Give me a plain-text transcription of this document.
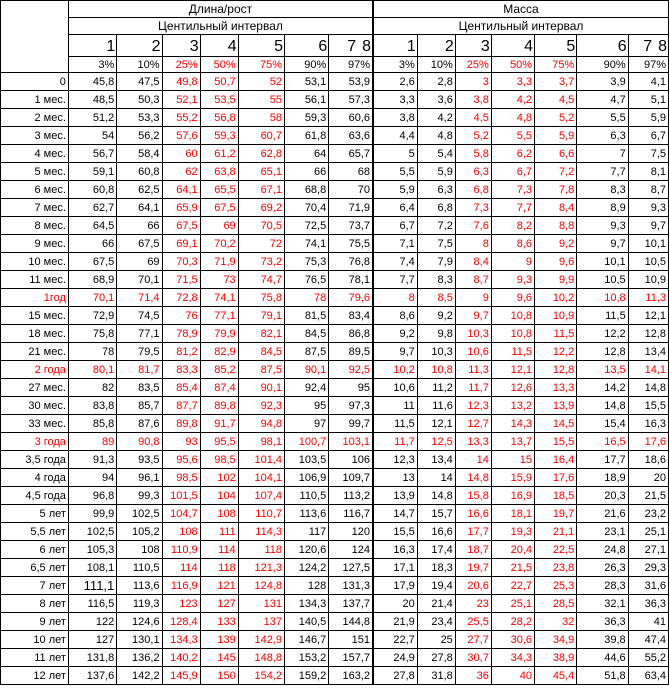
	Длина/рост							Масса						
	Центильный интервал							Центильный интервал						
	1	2	3	4	5	6	7 8	1	2	3	4	5	6	7 8
	3%	10%	25%	50%	75%	90%	97%	3%	10%	25%	50%	75%	90%	97%
0	45,8	47,5	49,8	50,7	52	53,1	53,9	2,6	2,8	3	3,3	3,7	3,9	4,1
1 мес.	48,5	50,3	52,1	53,5	55	56,1	57,3	3,3	3,6	3,8	4,2	4,5	4,7	5,1
2 мес.	51,2	53,3	55,2	56,8	58	59,3	60,6	3,8	4,2	4,5	4,8	5,2	5,5	5,9
3 мес.	54	56,2	57,6	59,3	60,7	61,8	63,6	4,4	4,8	5,2	5,5	5,9	6,3	6,7
4 мес.	56,7	58,4	60	61,2	62,8	64	65,7	5	5,4	5,8	6,2	6,6	7	7,5
5 мес.	59,1	60,8	62	63,8	65,1	66	68	5,5	5,9	6,3	6,7	7,2	7,7	8,1
6 мес.	60,8	62,5	64,1	65,5	67,1	68,8	70	5,9	6,3	6,8	7,3	7,8	8,3	8,7
7 мес.	62,7	64,1	65,9	67,5	69,2	70,4	71,9	6,4	6,8	7,3	7,7	8,4	8,9	9,3
8 мес.	64,5	66	67,5	69	70,5	72,5	73,7	6,7	7,2	7,6	8,2	8,8	9,3	9,7
9 мес.	66	67,5	69,1	70,2	72	74,1	75,5	7,1	7,5	8	8,6	9,2	9,7	10,1
10 мес.	67,5	69	70,3	71,9	73,2	75,3	76,8	7,4	7,9	8,4	9	9,6	10,1	10,5
11 мес.	68,9	70,1	71,5	73	74,7	76,5	78,1	7,7	8,3	8,7	9,3	9,9	10,5	10,9
1год	70,1	71,4	72,8	74,1	75,8	78	79,6	8	8,5	9	9,6	10,2	10,8	11,3
15 мес.	72,9	74,5	76	77,1	79,1	81,5	83,4	8,6	9,2	9,7	10,8	10,9	11,5	12,1
18 мес.	75,8	77,1	78,9	79,9	82,1	84,5	86,8	9,2	9,8	10,3	10,8	11,5	12,2	12,8
21 мес.	78	79,5	81,2	82,9	84,5	87,5	89,5	9,7	10,3	10,6	11,5	12,2	12,8	13,4
2 года	80,1	81,7	83,3	85,2	87,5	90,1	92,5	10,2	10,8	11,3	12,1	12,8	13,5	14,1
27 мес.	82	83,5	85,4	87,4	90,1	92,4	95	10,6	11,2	11,7	12,6	13,3	14,2	14,8
30 мес.	83,8	85,7	87,7	89,8	92,3	95	97,3	11	11,6	12,3	13,2	13,9	14,8	15,5
33 мес.	85,8	87,6	89,8	91,7	94,8	97	99,7	11,5	12,1	12,7	14,3	14,5	15,4	16,3
3 года	89	90,8	93	95,5	98,1	100,7	103,1	11,7	12,5	13,3	13,7	15,5	16,5	17,6
3,5 года	91,3	93,5	95,6	98,5	101,4	103,5	106	12,3	13,4	14	15	16,4	17,7	18,6
4 года	94	96,1	98,5	102	104,1	106,9	109,7	13	14	14,8	15,9	17,6	18,9	20
4,5 года	96,8	99,3	101,5	104	107,4	110,5	113,2	13,9	14,8	15,8	16,9	18,5	20,3	21,5
5 лет	99,9	102,5	104,7	108	110,7	113,6	116,7	14,7	15,7	16,6	18,1	19,7	21,6	23,2
5,5 лет	102,5	105,2	108	111	114,3	117	120	15,5	16,6	17,7	19,3	21,1	23,1	25,1
6 лет	105,3	108	110,9	114	118	120,6	124	16,3	17,4	18,7	20,4	22,5	24,8	27,1
6,5 лет	108,1	110,5	114	118	121,3	124,2	127,5	17,1	18,3	19,7	21,5	23,8	26,3	29,3
7 лет	111,1	113,6	116,9	121	124,8	128	131,3	17,9	19,4	20,6	22,7	25,3	28,3	31,6
8 лет	116,5	119,3	123	127	131	134,3	137,7	20	21,4	23	25,1	28,5	32,1	36,3
9 лет	122	124,6	128,4	133	137	140,5	144,8	21,9	23,4	25,5	28,2	32	36,3	41
10 лет	127	130,1	134,3	139	142,9	146,7	151	22,7	25	27,7	30,6	34,9	39,8	47,4
11 лет	131,8	136,2	140,2	145	148,8	153,2	157,7	24,9	27,8	30,7	34,3	38,9	44,6	55,2
12 лет	137,6	142,2	145,9	150	154,2	159,2	163,2	27,8	31,8	36	40	45,4	51,8	63,4
